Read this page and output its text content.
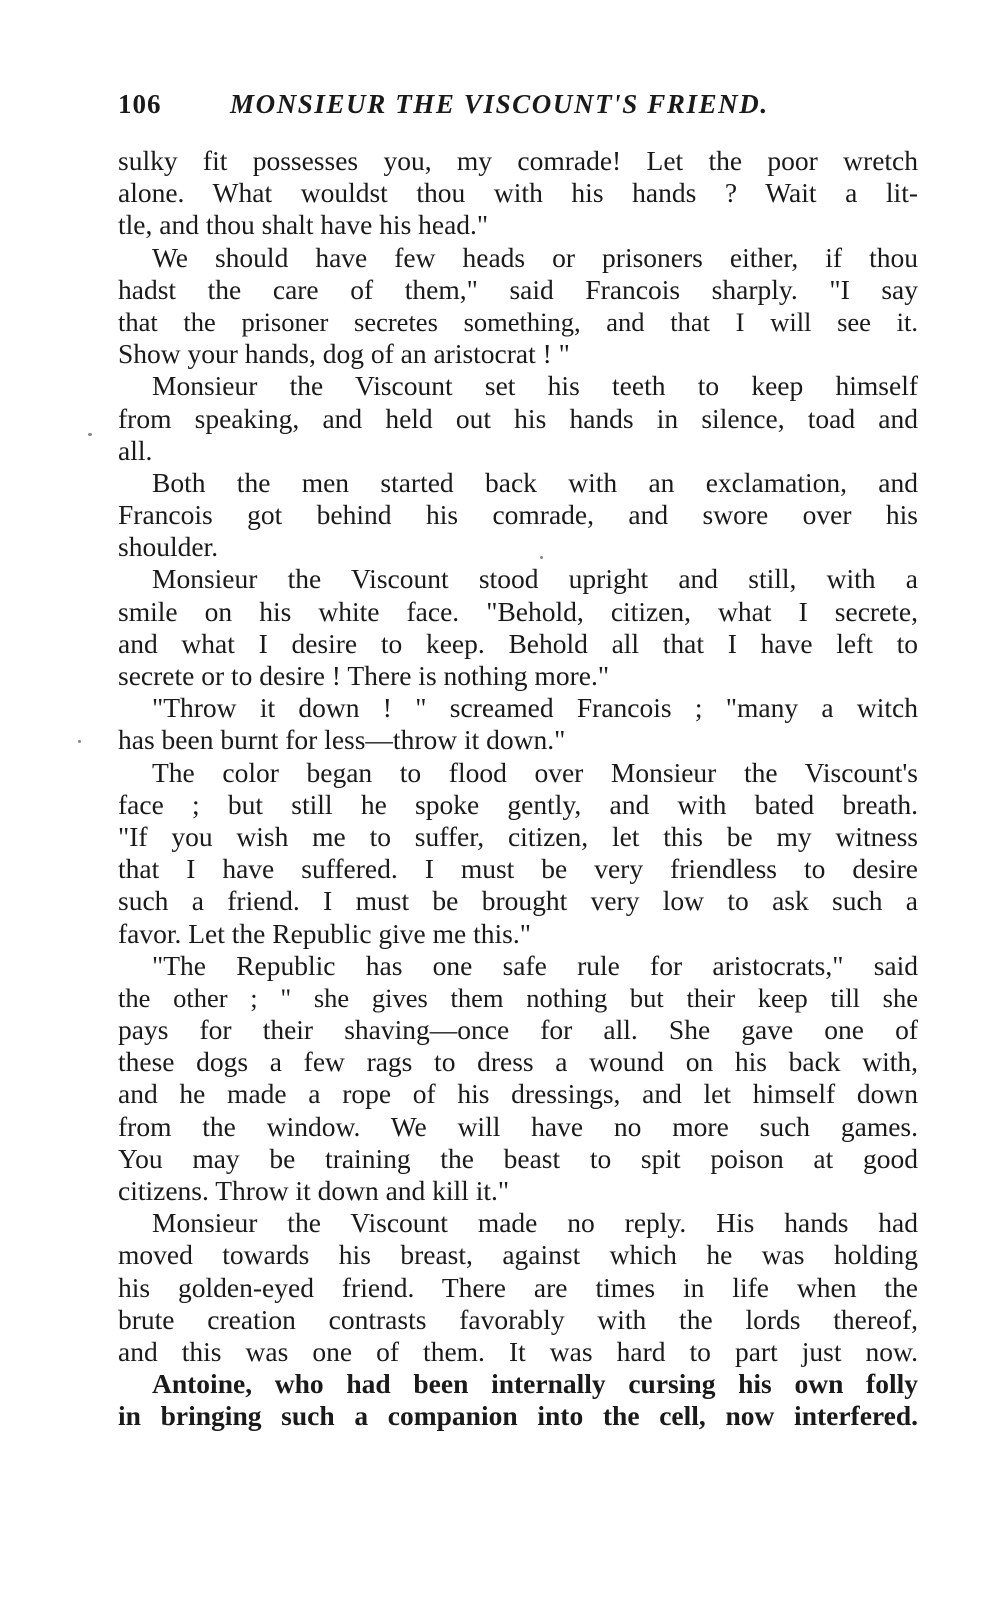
106	MONSIEUR THE VISCOUNT'S FRIEND.
sulky fit possesses you, my comrade! Let the poor wretch
alone. What wouldst thou with his hands ? Wait a lit-
tle, and thou shalt have his head."
We should have few heads or prisoners either, if thou
hadst the care of them," said Francois sharply. "I say
that the prisoner secretes something, and that I will see it.
Show your hands, dog of an aristocrat ! "
Monsieur the Viscount set his teeth to keep himself
from speaking, and held out his hands in silence, toad and
all.
Both the men started back with an exclamation, and
Francois got behind his comrade, and swore over his
shoulder.
Monsieur the Viscount stood upright and still, with a
smile on his white face. "Behold, citizen, what I secrete,
and what I desire to keep. Behold all that I have left to
secrete or to desire ! There is nothing more."
"Throw it down ! " screamed Francois ; "many a witch
has been burnt for less—throw it down."
The color began to flood over Monsieur the Viscount's
face ; but still he spoke gently, and with bated breath.
"If you wish me to suffer, citizen, let this be my witness
that I have suffered. I must be very friendless to desire
such a friend. I must be brought very low to ask such a
favor. Let the Republic give me this."
"The Republic has one safe rule for aristocrats," said
the other ; " she gives them nothing but their keep till she
pays for their shaving—once for all. She gave one of
these dogs a few rags to dress a wound on his back with,
and he made a rope of his dressings, and let himself down
from the window. We will have no more such games.
You may be training the beast to spit poison at good
citizens. Throw it down and kill it."
Monsieur the Viscount made no reply. His hands had
moved towards his breast, against which he was holding
his golden-eyed friend. There are times in life when the
brute creation contrasts favorably with the lords thereof,
and this was one of them. It was hard to part just now.
Antoine, who had been internally cursing his own folly
in bringing such a companion into the cell, now interfered.
